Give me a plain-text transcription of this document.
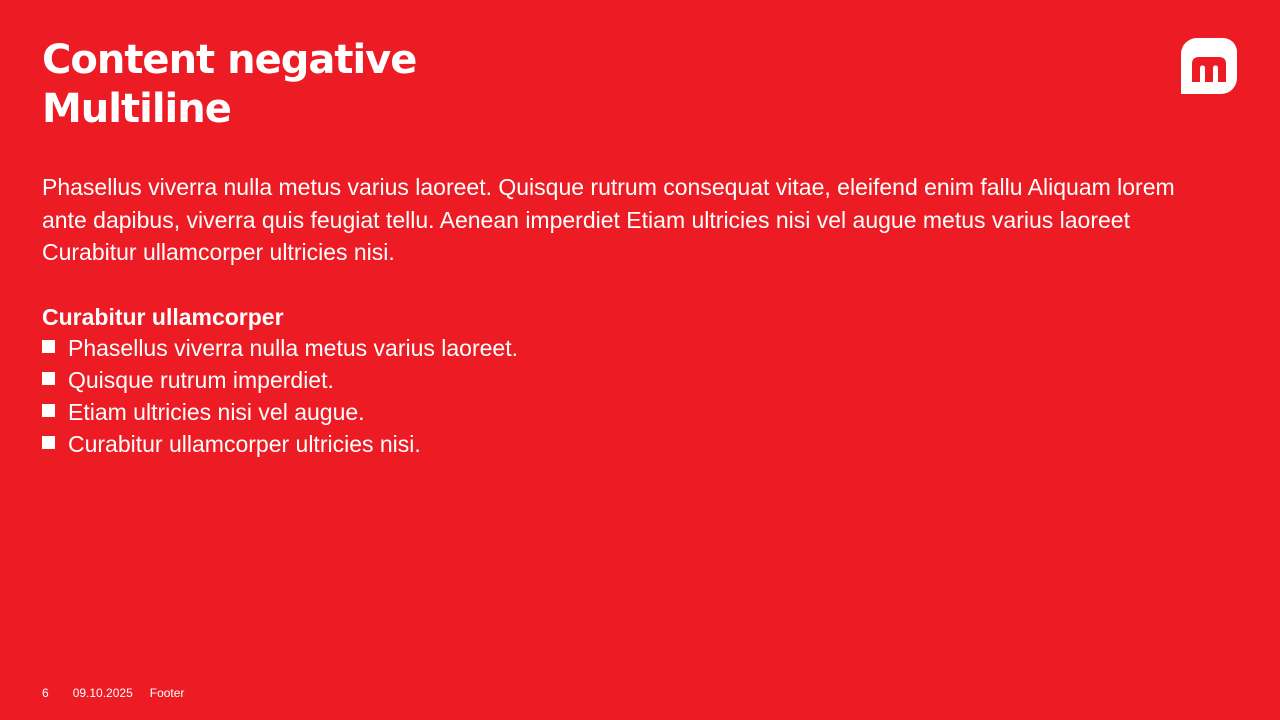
Content negative
Multiline
Phasellus viverra nulla metus varius laoreet. Quisque rutrum consequat vitae, eleifend enim fallu Aliquam lorem
ante dapibus, viverra quis feugiat tellu. Aenean imperdiet Etiam ultricies nisi vel augue metus varius laoreet
Curabitur ullamcorper ultricies nisi.
Curabitur ullamcorper
Phasellus viverra nulla metus varius laoreet.
Quisque rutrum imperdiet.
Etiam ultricies nisi vel augue.
Curabitur ullamcorper ultricies nisi.
6 09.10.2025 Footer
